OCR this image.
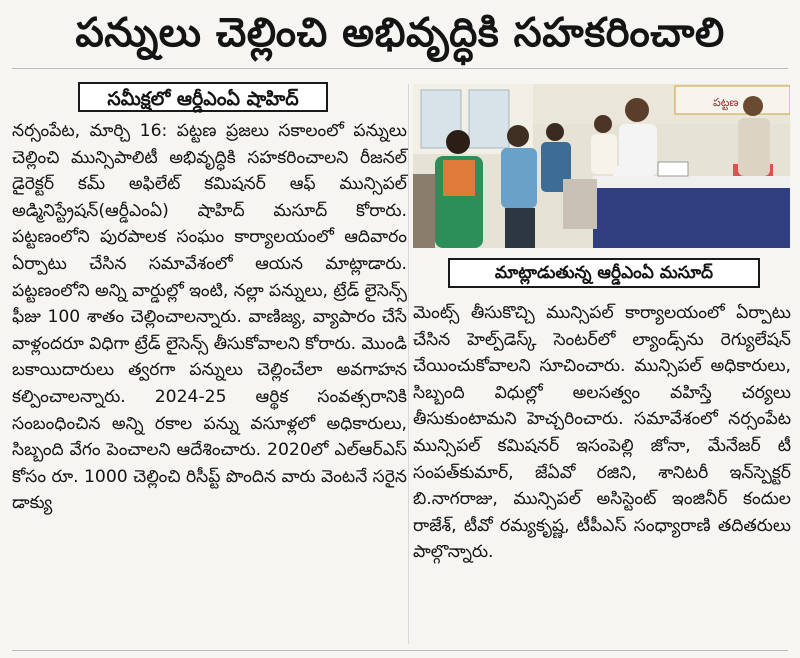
పన్నులు చెల్లించి అభివృద్ధికి సహకరించాలి
సమీక్షలో ఆర్డీఎంఏ షాహిద్

నర్సంపేట, మార్చి 16: పట్టణ ప్రజలు సకాలంలో పన్నులు చెల్లించి మున్సిపాలిటీ అభివృద్ధికి సహకరించాలని రీజనల్ డైరెక్టర్ కమ్ అఫిలేట్ కమిషనర్ ఆఫ్ మున్సిపల్ అడ్మినిస్ట్రేషన్(ఆర్డీఎంఏ) షాహిద్ మసూద్ కోరారు. పట్టణంలోని పురపాలక సంఘం కార్యాలయంలో ఆదివారం ఏర్పాటు చేసిన సమావేశంలో ఆయన మాట్లాడారు. పట్టణంలోని అన్ని వార్డుల్లో ఇంటి, నల్లా పన్నులు, ట్రేడ్ లైసెన్స్ ఫీజు 100 శాతం చెల్లించాలన్నారు. వాణిజ్య, వ్యాపారం చేసే వాళ్లందరూ విధిగా ట్రేడ్ లైసెన్స్ తీసుకోవాలని కోరారు. మొండి బకాయిదారులు త్వరగా పన్నులు చెల్లించేలా అవగాహన కల్పించాలన్నారు. 2024-25 ఆర్థిక సంవత్సరానికి సంబంధించిన అన్ని రకాల పన్ను వసూళ్లలో అధికారులు, సిబ్బంది వేగం పెంచాలని ఆదేశించారు. 2020లో ఎల్ఆర్ఎస్ కోసం రూ. 1000 చెల్లించి రిసీప్ట్ పొందిన వారు వెంటనే సరైన డాక్యు

పట్టణ
మాట్లాడుతున్న ఆర్డీఎంఏ మసూద్

మెంట్స్ తీసుకొచ్చి మున్సిపల్ కార్యాలయంలో ఏర్పాటు చేసిన హెల్ప్‌డెస్క్ సెంటర్‌లో ల్యాండ్స్‌ను రెగ్యులేషన్ చేయించుకోవాలని సూచించారు. మున్సిపల్ అధికారులు, సిబ్బంది విధుల్లో అలసత్వం వహిస్తే చర్యలు తీసుకుంటామని హెచ్చరించారు. సమావేశంలో నర్సంపేట మున్సిపల్ కమిషనర్ ఇసంపెల్లి జోనా, మేనేజర్ టీ సంపత్‌కుమార్, జేఏవో రజిని, శానిటరీ ఇన్‌స్పెక్టర్ బి.నాగరాజు, మున్సిపల్ అసిస్టెంట్ ఇంజినీర్ కందుల రాజేశ్, టీవో రమ్యకృష్ణ, టీపీఎస్ సంధ్యారాణి తదితరులు పాల్గొన్నారు.
